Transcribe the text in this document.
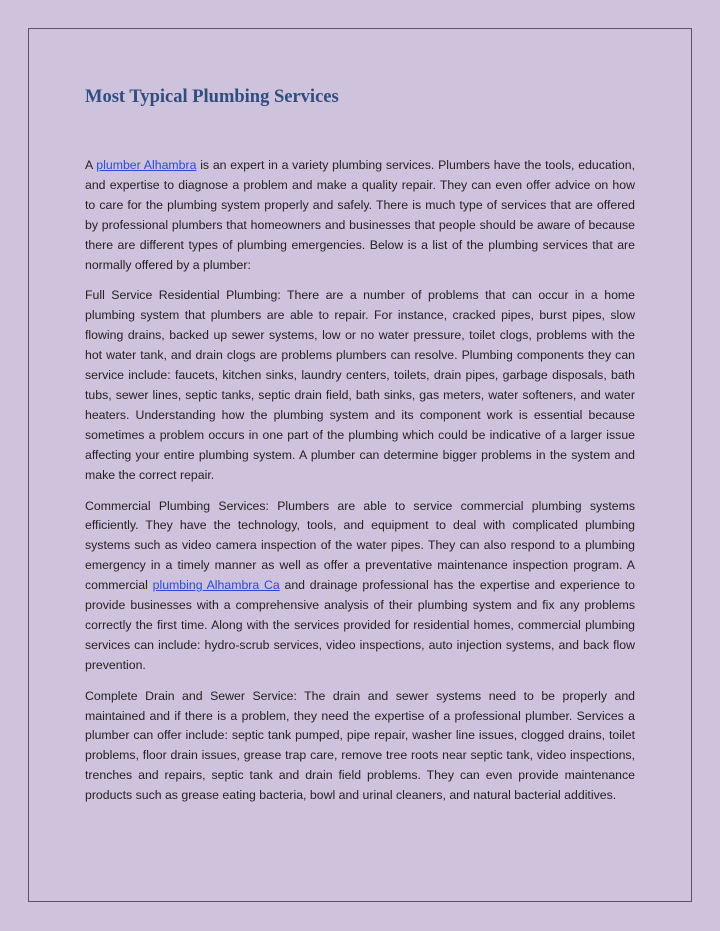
Most Typical Plumbing Services

A plumber Alhambra is an expert in a variety plumbing services. Plumbers have the tools, education, and expertise to diagnose a problem and make a quality repair. They can even offer advice on how to care for the plumbing system properly and safely. There is much type of services that are offered by professional plumbers that homeowners and businesses that people should be aware of because there are different types of plumbing emergencies. Below is a list of the plumbing services that are normally offered by a plumber:

Full Service Residential Plumbing: There are a number of problems that can occur in a home plumbing system that plumbers are able to repair. For instance, cracked pipes, burst pipes, slow flowing drains, backed up sewer systems, low or no water pressure, toilet clogs, problems with the hot water tank, and drain clogs are problems plumbers can resolve. Plumbing components they can service include: faucets, kitchen sinks, laundry centers, toilets, drain pipes, garbage disposals, bath tubs, sewer lines, septic tanks, septic drain field, bath sinks, gas meters, water softeners, and water heaters. Understanding how the plumbing system and its component work is essential because sometimes a problem occurs in one part of the plumbing which could be indicative of a larger issue affecting your entire plumbing system. A plumber can determine bigger problems in the system and make the correct repair.

Commercial Plumbing Services: Plumbers are able to service commercial plumbing systems efficiently. They have the technology, tools, and equipment to deal with complicated plumbing systems such as video camera inspection of the water pipes. They can also respond to a plumbing emergency in a timely manner as well as offer a preventative maintenance inspection program. A commercial plumbing Alhambra Ca and drainage professional has the expertise and experience to provide businesses with a comprehensive analysis of their plumbing system and fix any problems correctly the first time. Along with the services provided for residential homes, commercial plumbing services can include: hydro-scrub services, video inspections, auto injection systems, and back flow prevention.

Complete Drain and Sewer Service: The drain and sewer systems need to be properly and maintained and if there is a problem, they need the expertise of a professional plumber. Services a plumber can offer include: septic tank pumped, pipe repair, washer line issues, clogged drains, toilet problems, floor drain issues, grease trap care, remove tree roots near septic tank, video inspections, trenches and repairs, septic tank and drain field problems. They can even provide maintenance products such as grease eating bacteria, bowl and urinal cleaners, and natural bacterial additives.
